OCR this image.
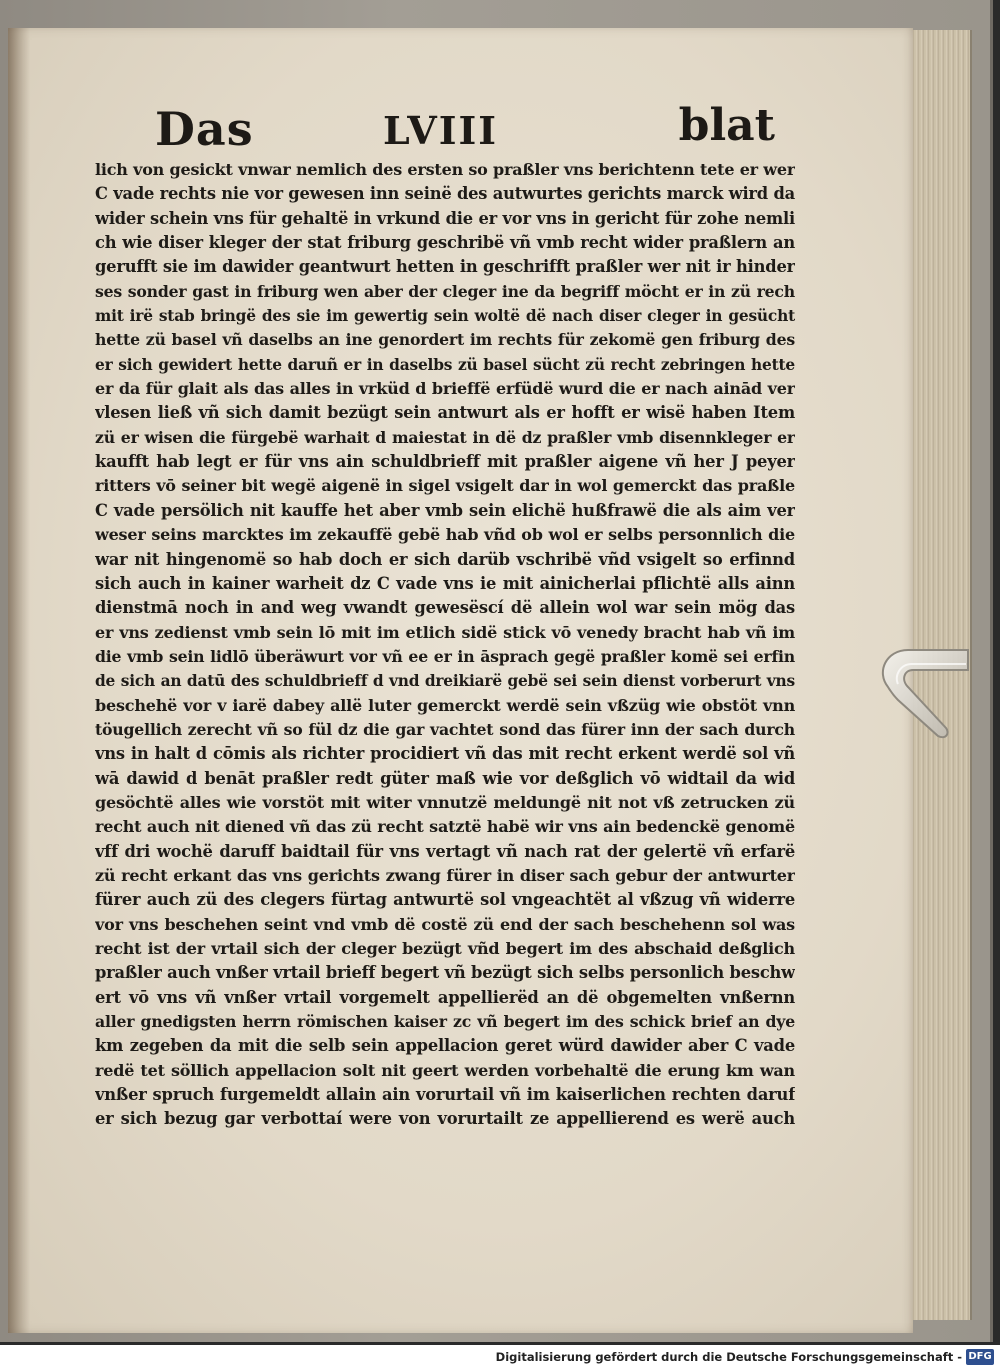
Das	LVIII	blat
lich von gesickt vnwar nemlich des ersten so praßler vns berichtenn tete er wer
C vade rechts nie vor gewesen inn seinë des autwurtes gerichts marck wird da
wider schein vns für gehaltë in vrkund die er vor vns in gericht für zohe nemli
ch wie diser kleger der stat friburg geschribë vñ vmb recht wider praßlern an
gerufft sie im dawider geantwurt hetten in geschrifft praßler wer nit ir hinder
ses sonder gast in friburg wen aber der cleger ine da begriff möcht er in zü rech
mit irë stab bringë des sie im gewertig sein woltë dë nach diser cleger in gesücht
hette zü basel vñ daselbs an ine genordert im rechts für zekomë gen friburg des
er sich gewidert hette daruñ er in daselbs zü basel sücht zü recht zebringen hette
er da für glait als das alles in vrküd d brieffë erfüdë wurd die er nach ainād ver
vlesen ließ vñ sich damit bezügt sein antwurt als er hofft er wisë haben Item
zü er wisen die fürgebë warhait d maiestat in dë dz praßler vmb disennkleger er
kaufft hab legt er für vns ain schuldbrieff mit praßler aigene vñ her J peyer
ritters vō seiner bit wegë aigenë in sigel vsigelt dar in wol gemerckt das praßle
C vade persölich nit kauffe het aber vmb sein elichë hußfrawë die als aim ver
weser seins marcktes im zekauffë gebë hab vñd ob wol er selbs personnlich die
war nit hingenomë so hab doch er sich darüb vschribë vñd vsigelt so erfinnd
sich auch in kainer warheit dz C vade vns ie mit ainicherlai pflichtë alls ainn
dienstmā noch in and weg vwandt gewesëscí dë allein wol war sein mög das
er vns zedienst vmb sein lō mit im etlich sidë stick vō venedy bracht hab vñ im
die vmb sein lidlō überäwurt vor vñ ee er in āsprach gegë praßler komë sei erfin
de sich an datū des schuldbrieff d vnd dreikiarë gebë sei sein dienst vorberurt vns
beschehë vor v iarë dabey allë luter gemerckt werdë sein vßzüg wie obstöt vnn
töugellich zerecht vñ so fül dz die gar vachtet sond das fürer inn der sach durch
vns in halt d cōmis als richter procidiert vñ das mit recht erkent werdë sol vñ
wā dawid d benāt praßler redt güter maß wie vor deßglich vō widtail da wid
gesöchtë alles wie vorstöt mit witer vnnutzë meldungë nit not vß zetrucken zü
recht auch nit diened vñ das zü recht satztë habë wir vns ain bedenckë genomë
vff dri wochë daruff baidtail für vns vertagt vñ nach rat der gelertë vñ erfarë
zü recht erkant das vns gerichts zwang fürer in diser sach gebur der antwurter
fürer auch zü des clegers fürtag antwurtë sol vngeachtët al vßzug vñ widerre
vor vns beschehen seint vnd vmb dë costë zü end der sach beschehenn sol was
recht ist der vrtail sich der cleger bezügt vñd begert im des abschaid deßglich
praßler auch vnßer vrtail brieff begert vñ bezügt sich selbs personlich beschw
ert vō vns vñ vnßer vrtail vorgemelt appellierëd an dë obgemelten vnßernn
aller gnedigsten herrn römischen kaiser zc vñ begert im des schick brief an dye
km zegeben da mit die selb sein appellacion geret würd dawider aber C vade
redë tet söllich appellacion solt nit geert werden vorbehaltë die erung km wan
vnßer spruch furgemeldt allain ain vorurtail vñ im kaiserlichen rechten daruf
er sich bezug gar verbottaí were von vorurtailt ze appellierend es werë auch
Digitalisierung gefördert durch die Deutsche Forschungsgemeinschaft - DFG
